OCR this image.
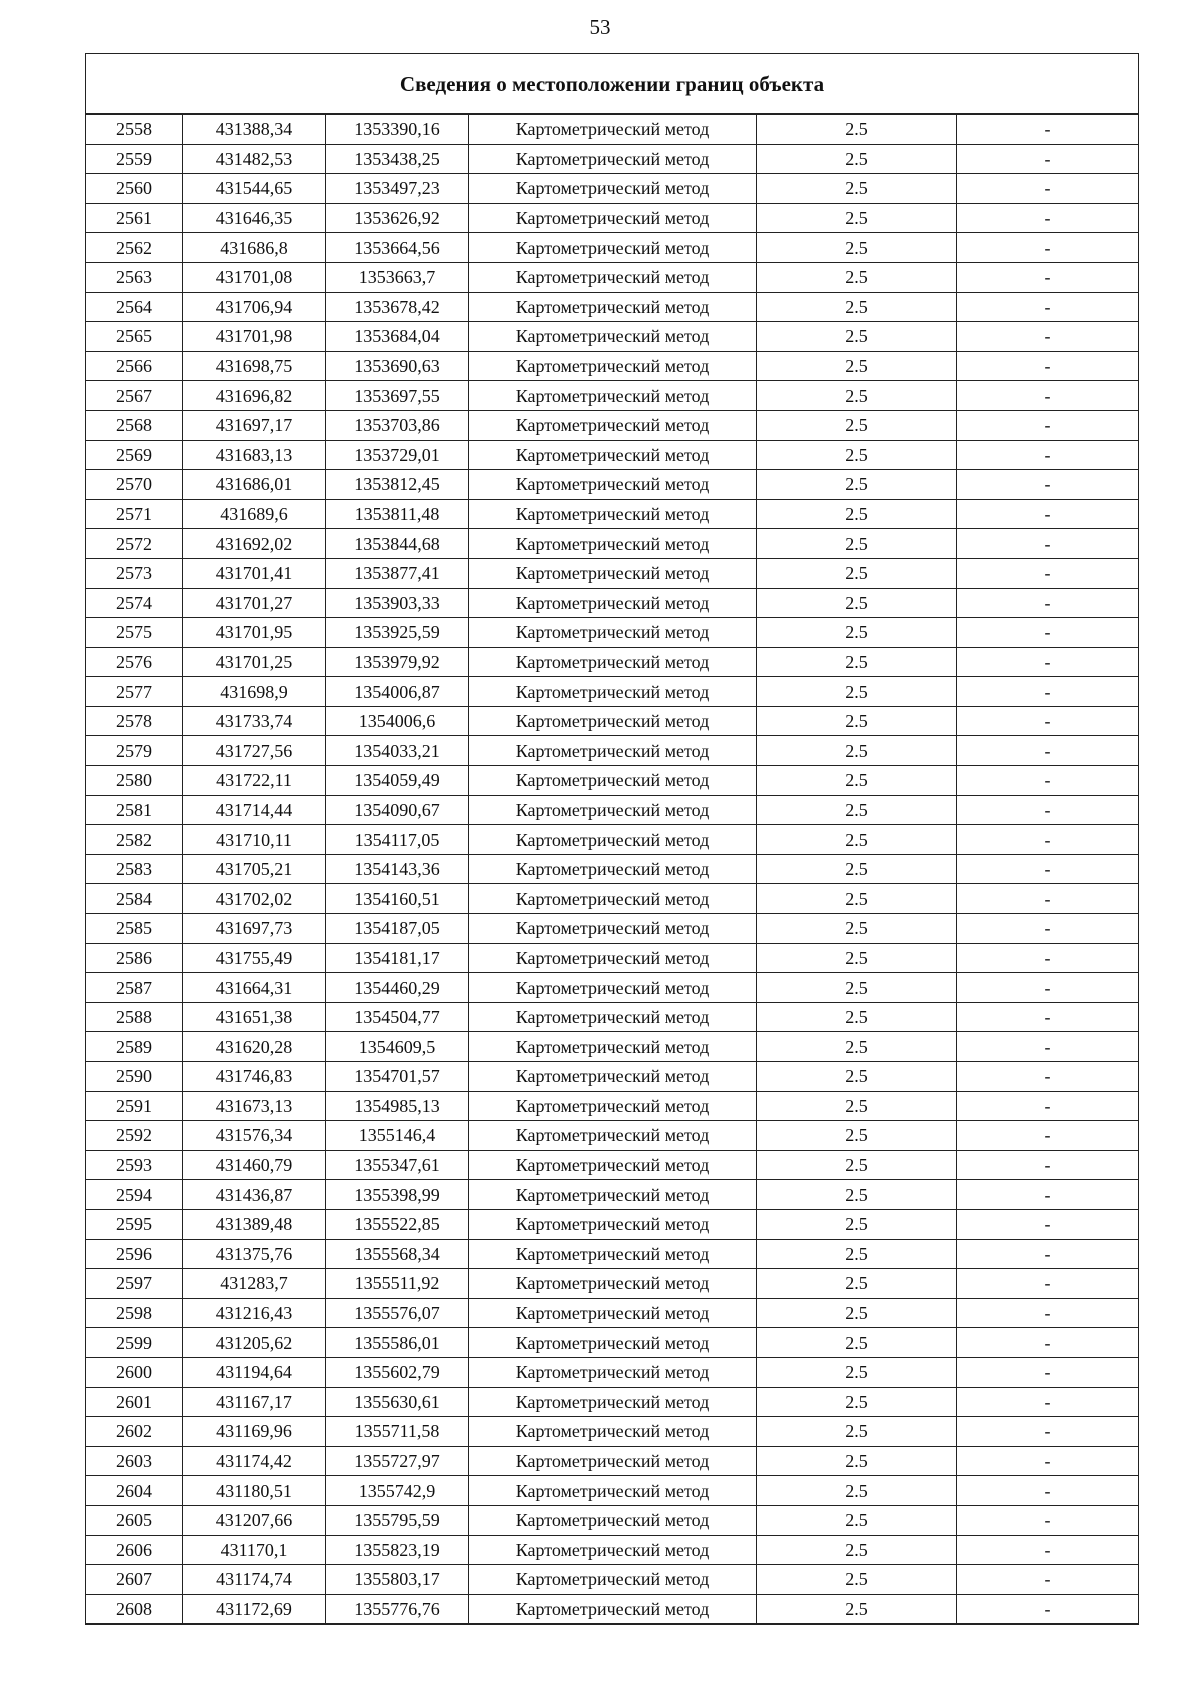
53
Сведения о местоположении границ объекта					
2558	431388,34	1353390,16	Картометрический метод	2.5	-
2559	431482,53	1353438,25	Картометрический метод	2.5	-
2560	431544,65	1353497,23	Картометрический метод	2.5	-
2561	431646,35	1353626,92	Картометрический метод	2.5	-
2562	431686,8	1353664,56	Картометрический метод	2.5	-
2563	431701,08	1353663,7	Картометрический метод	2.5	-
2564	431706,94	1353678,42	Картометрический метод	2.5	-
2565	431701,98	1353684,04	Картометрический метод	2.5	-
2566	431698,75	1353690,63	Картометрический метод	2.5	-
2567	431696,82	1353697,55	Картометрический метод	2.5	-
2568	431697,17	1353703,86	Картометрический метод	2.5	-
2569	431683,13	1353729,01	Картометрический метод	2.5	-
2570	431686,01	1353812,45	Картометрический метод	2.5	-
2571	431689,6	1353811,48	Картометрический метод	2.5	-
2572	431692,02	1353844,68	Картометрический метод	2.5	-
2573	431701,41	1353877,41	Картометрический метод	2.5	-
2574	431701,27	1353903,33	Картометрический метод	2.5	-
2575	431701,95	1353925,59	Картометрический метод	2.5	-
2576	431701,25	1353979,92	Картометрический метод	2.5	-
2577	431698,9	1354006,87	Картометрический метод	2.5	-
2578	431733,74	1354006,6	Картометрический метод	2.5	-
2579	431727,56	1354033,21	Картометрический метод	2.5	-
2580	431722,11	1354059,49	Картометрический метод	2.5	-
2581	431714,44	1354090,67	Картометрический метод	2.5	-
2582	431710,11	1354117,05	Картометрический метод	2.5	-
2583	431705,21	1354143,36	Картометрический метод	2.5	-
2584	431702,02	1354160,51	Картометрический метод	2.5	-
2585	431697,73	1354187,05	Картометрический метод	2.5	-
2586	431755,49	1354181,17	Картометрический метод	2.5	-
2587	431664,31	1354460,29	Картометрический метод	2.5	-
2588	431651,38	1354504,77	Картометрический метод	2.5	-
2589	431620,28	1354609,5	Картометрический метод	2.5	-
2590	431746,83	1354701,57	Картометрический метод	2.5	-
2591	431673,13	1354985,13	Картометрический метод	2.5	-
2592	431576,34	1355146,4	Картометрический метод	2.5	-
2593	431460,79	1355347,61	Картометрический метод	2.5	-
2594	431436,87	1355398,99	Картометрический метод	2.5	-
2595	431389,48	1355522,85	Картометрический метод	2.5	-
2596	431375,76	1355568,34	Картометрический метод	2.5	-
2597	431283,7	1355511,92	Картометрический метод	2.5	-
2598	431216,43	1355576,07	Картометрический метод	2.5	-
2599	431205,62	1355586,01	Картометрический метод	2.5	-
2600	431194,64	1355602,79	Картометрический метод	2.5	-
2601	431167,17	1355630,61	Картометрический метод	2.5	-
2602	431169,96	1355711,58	Картометрический метод	2.5	-
2603	431174,42	1355727,97	Картометрический метод	2.5	-
2604	431180,51	1355742,9	Картометрический метод	2.5	-
2605	431207,66	1355795,59	Картометрический метод	2.5	-
2606	431170,1	1355823,19	Картометрический метод	2.5	-
2607	431174,74	1355803,17	Картометрический метод	2.5	-
2608	431172,69	1355776,76	Картометрический метод	2.5	-
